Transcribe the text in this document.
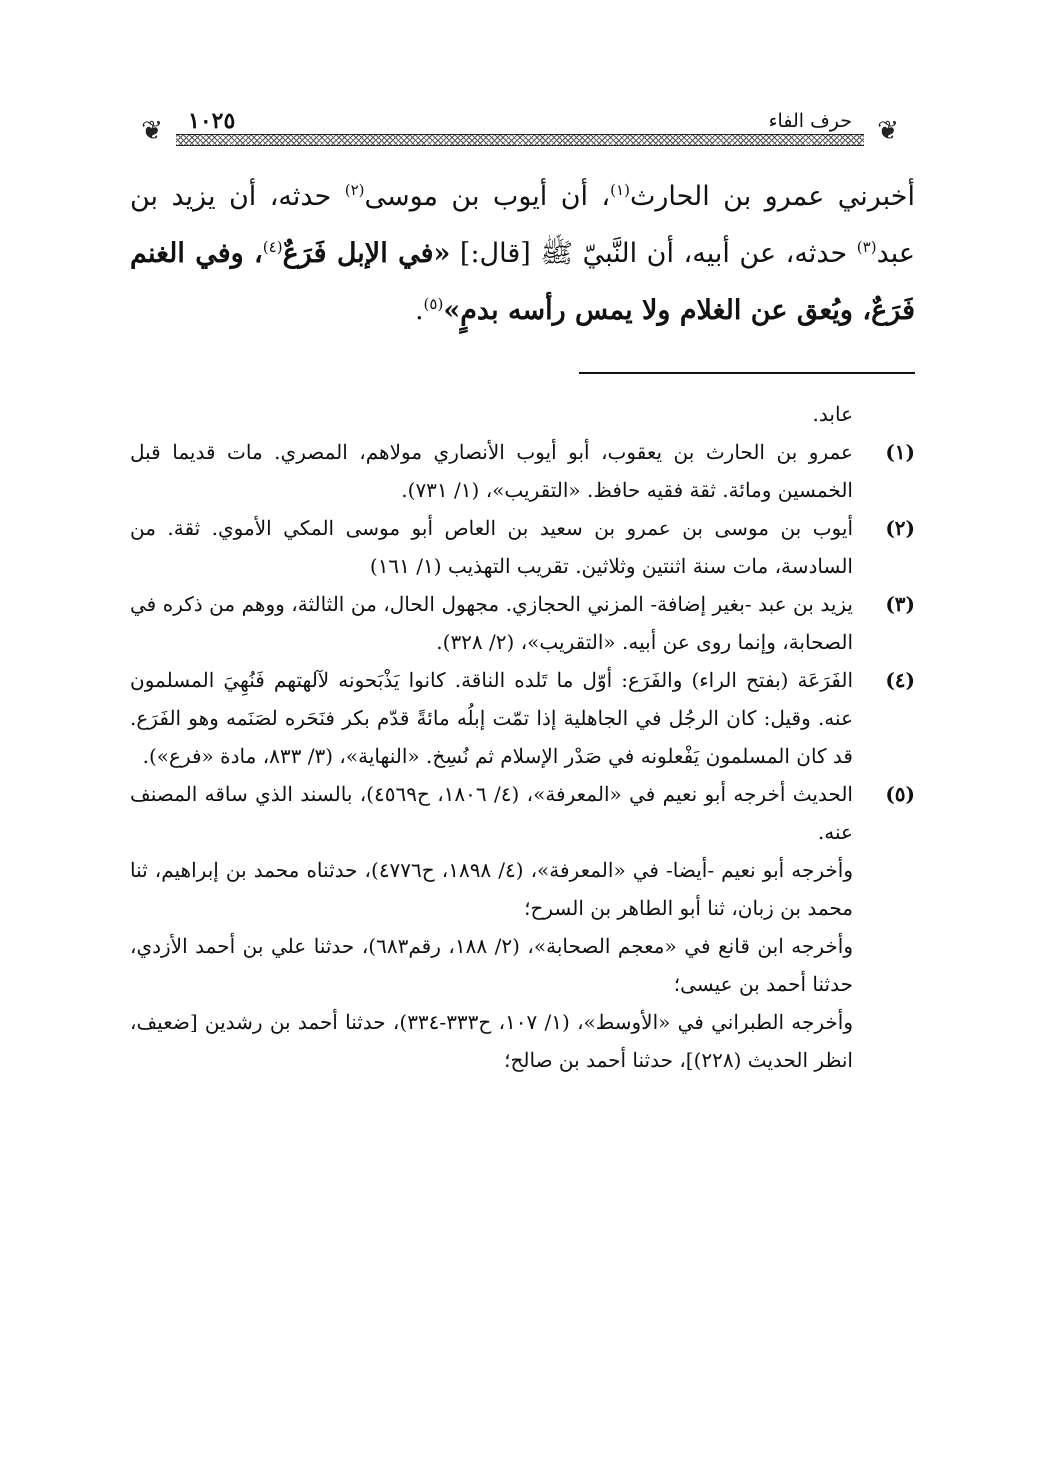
❦	❦
١٠٢٥	حرف الفاء

أخبرني عمرو بن الحارث$^{(١)}$، أن أيوب بن موسى$^{(٢)}$ حدثه، أن يزيد بن عبد$^{(٣)}$ حدثه، عن أبيه، أن النَّبيّ ﷺ [قال:] «في الإبل فَرَعٌ$^{(٤)}$، وفي الغنم فَرَعٌ، ويُعق عن الغلام ولا يمس رأسه بدمٍ»$^{(٥)}$.

عابد.

(١)
عمرو بن الحارث بن يعقوب، أبو أيوب الأنصاري مولاهم، المصري. مات قديما قبل الخمسين ومائة. ثقة فقيه حافظ. «التقريب»، (١/ ٧٣١).
(٢)
أيوب بن موسى بن عمرو بن سعيد بن العاص أبو موسى المكي الأموي. ثقة. من السادسة، مات سنة اثنتين وثلاثين. تقريب التهذيب (١/ ١٦١)
(٣)
يزيد بن عبد -بغير إضافة- المزني الحجازي. مجهول الحال، من الثالثة، ووهم من ذكره في الصحابة، وإنما روى عن أبيه. «التقريب»، (٢/ ٣٢٨).
(٤)
الفَرَعَة (بفتح الراء) والفَرَع: أوّل ما تَلده الناقة. كانوا يَذْبَحونه لآلهتهم فَنُهِيَ المسلمون عنه. وقيل: كان الرجُل في الجاهلية إذا تمّت إبلُه مائةً قدّم بكر فنَحَره لصَنَمه وهو الفَرَع. قد كان المسلمون يَفْعلونه في صَدْر الإسلام ثم نُسِخ. «النهاية»، (٣/ ٨٣٣، مادة «فرع»).
(٥)
الحديث أخرجه أبو نعيم في «المعرفة»، (٤/ ١٨٠٦، ح٤٥٦٩)، بالسند الذي ساقه المصنف عنه.

وأخرجه أبو نعيم -أيضا- في «المعرفة»، (٤/ ١٨٩٨، ح٤٧٧٦)، حدثناه محمد بن إبراهيم، ثنا محمد بن زبان، ثنا أبو الطاهر بن السرح؛

وأخرجه ابن قانع في «معجم الصحابة»، (٢/ ١٨٨، رقم٦٨٣)، حدثنا علي بن أحمد الأزدي، حدثنا أحمد بن عيسى؛

وأخرجه الطبراني في «الأوسط»، (١/ ١٠٧، ح٣٣٣-٣٣٤)، حدثنا أحمد بن رشدين [ضعيف، انظر الحديث (٢٢٨)]، حدثنا أحمد بن صالح؛
